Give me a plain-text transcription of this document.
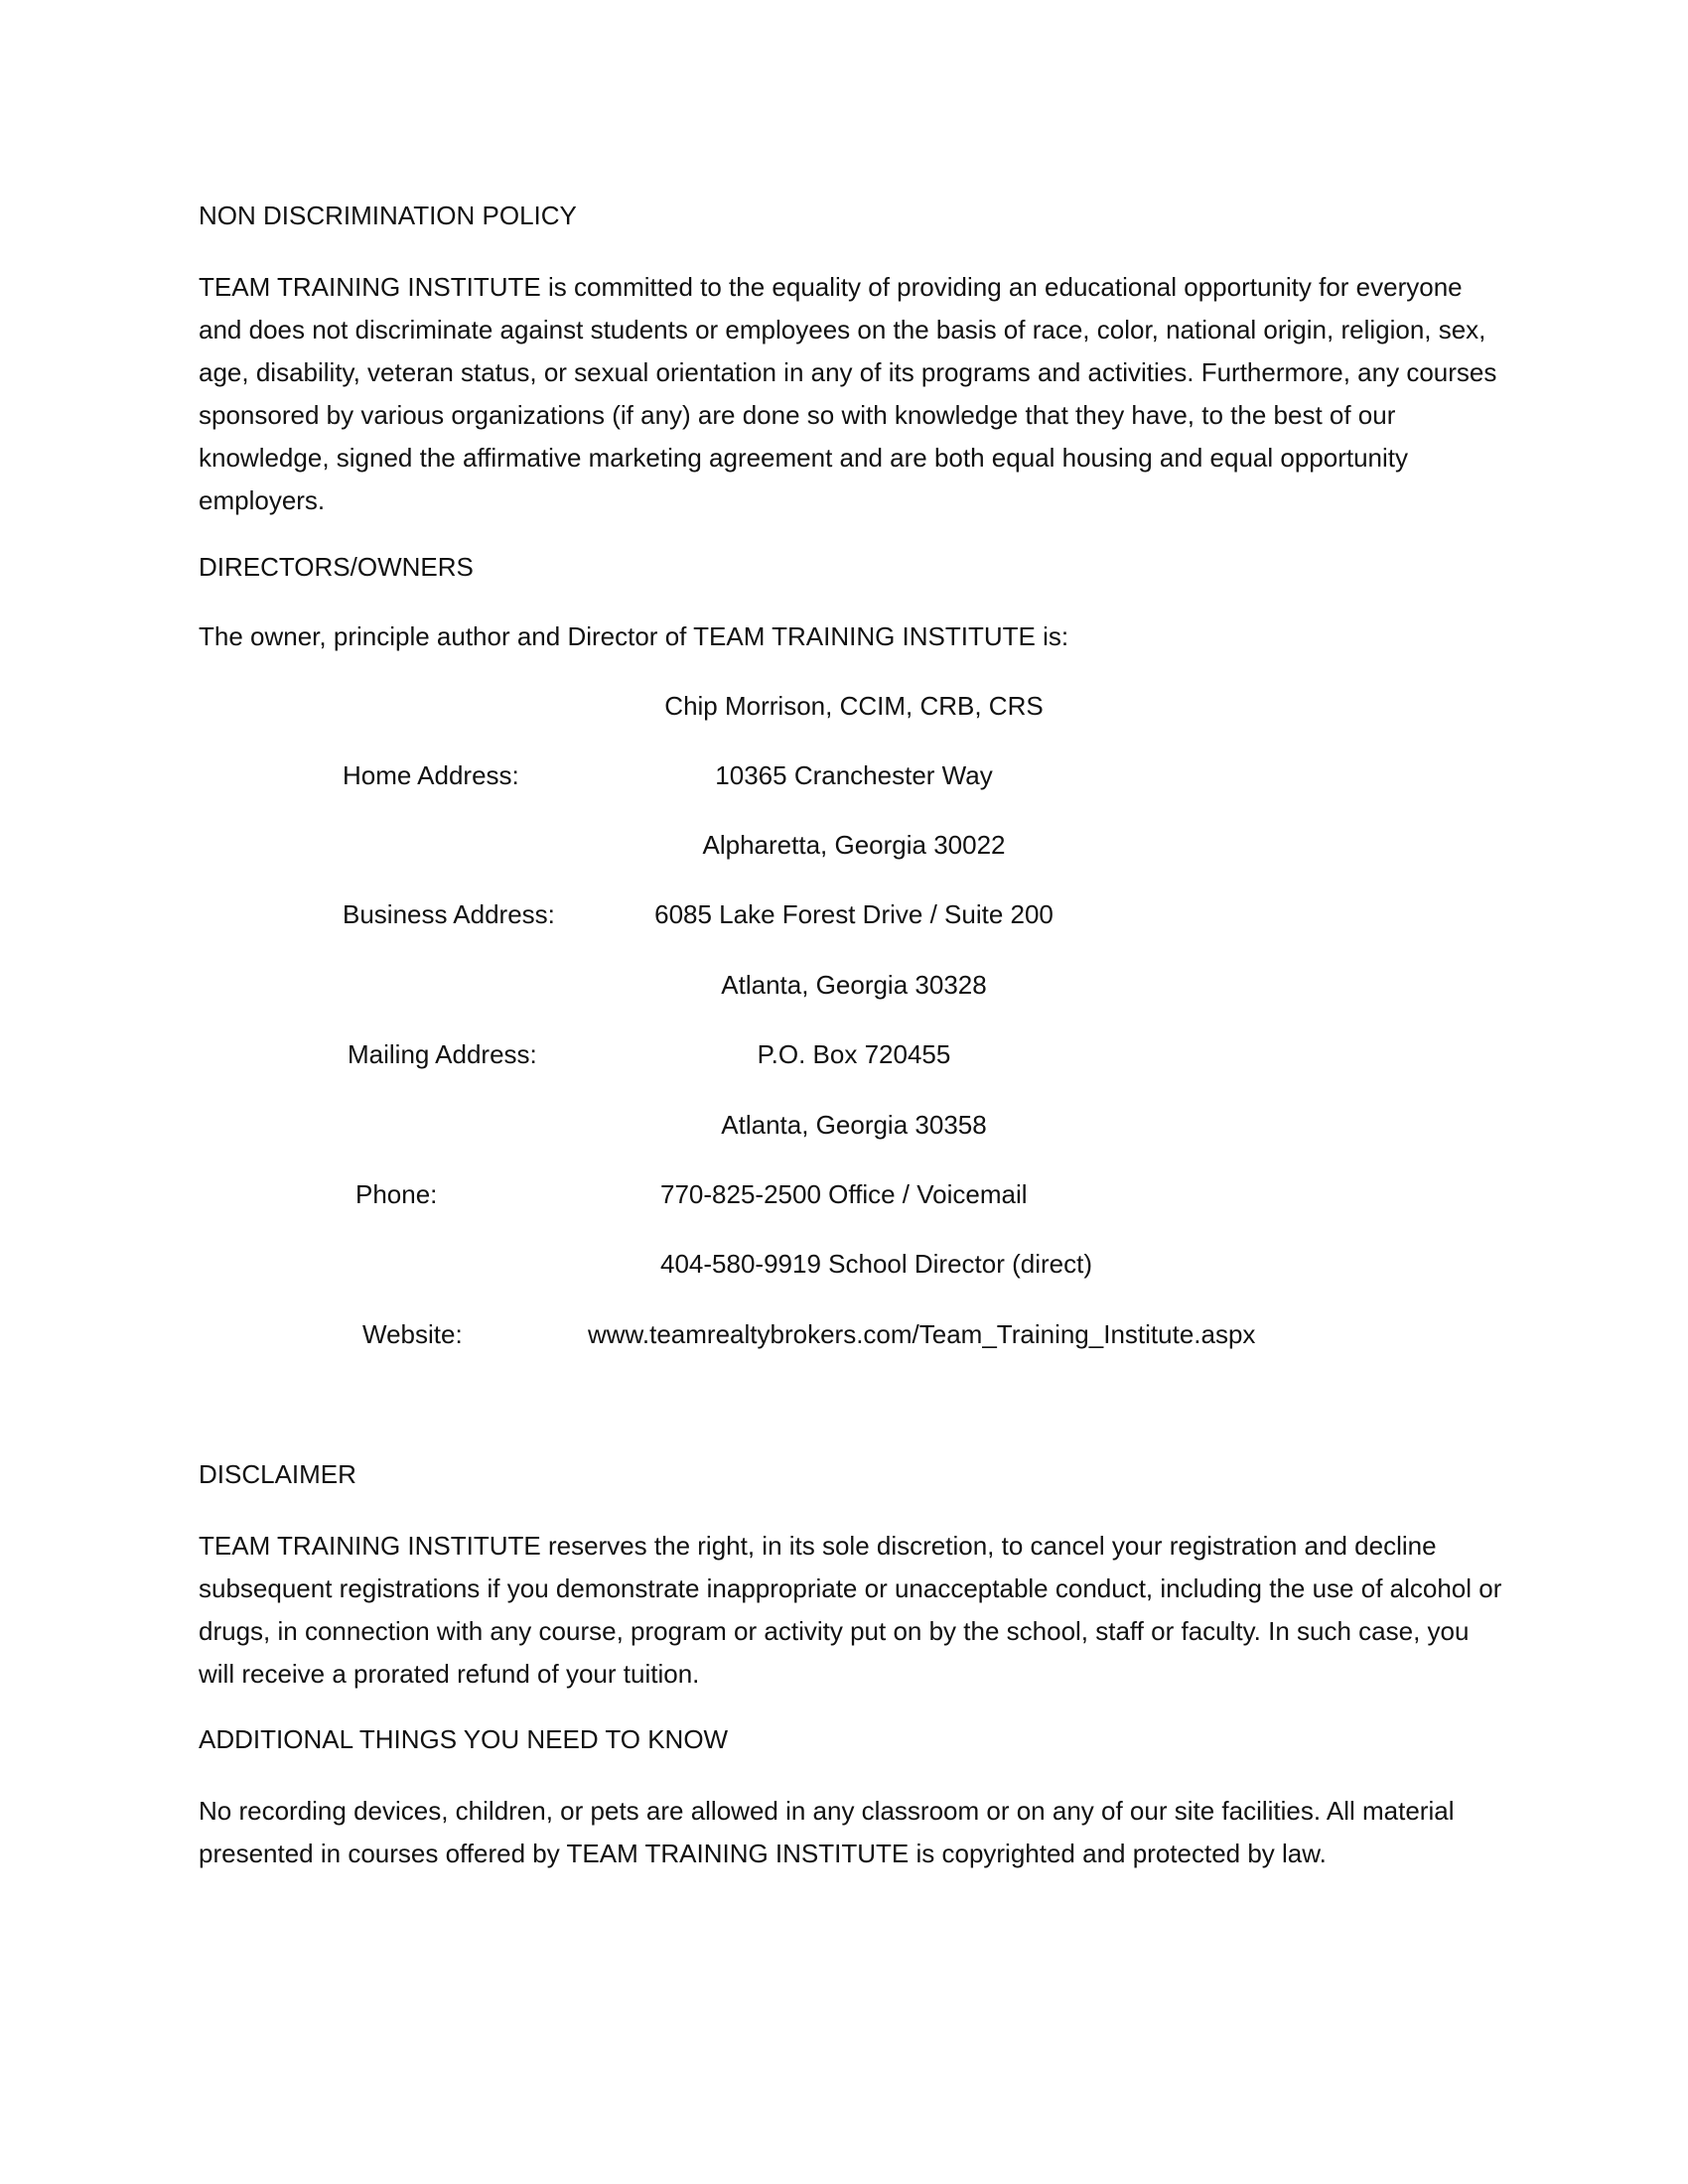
NON DISCRIMINATION POLICY
TEAM TRAINING INSTITUTE is committed to the equality of providing an educational opportunity for everyone and does not discriminate against students or employees on the basis of race, color, national origin, religion, sex, age, disability, veteran status, or sexual orientation in any of its programs and activities. Furthermore, any courses sponsored by various organizations (if any) are done so with knowledge that they have, to the best of our knowledge, signed the affirmative marketing agreement and are both equal housing and equal opportunity employers.
DIRECTORS/OWNERS
The owner, principle author and Director of TEAM TRAINING INSTITUTE is:
Chip Morrison, CCIM, CRB, CRS
Home Address:	10365 Cranchester Way
Alpharetta, Georgia 30022
Business Address:	6085 Lake Forest Drive / Suite 200
Atlanta, Georgia 30328
Mailing Address:	P.O. Box 720455
Atlanta, Georgia 30358
Phone:	770-825-2500 Office / Voicemail
404-580-9919 School Director (direct)
Website:	www.teamrealtybrokers.com/Team_Training_Institute.aspx
DISCLAIMER
TEAM TRAINING INSTITUTE reserves the right, in its sole discretion, to cancel your registration and decline subsequent registrations if you demonstrate inappropriate or unacceptable conduct, including the use of alcohol or drugs, in connection with any course, program or activity put on by the school, staff or faculty. In such case, you will receive a prorated refund of your tuition.
ADDITIONAL THINGS YOU NEED TO KNOW
No recording devices, children, or pets are allowed in any classroom or on any of our site facilities. All material presented in courses offered by TEAM TRAINING INSTITUTE is copyrighted and protected by law.
